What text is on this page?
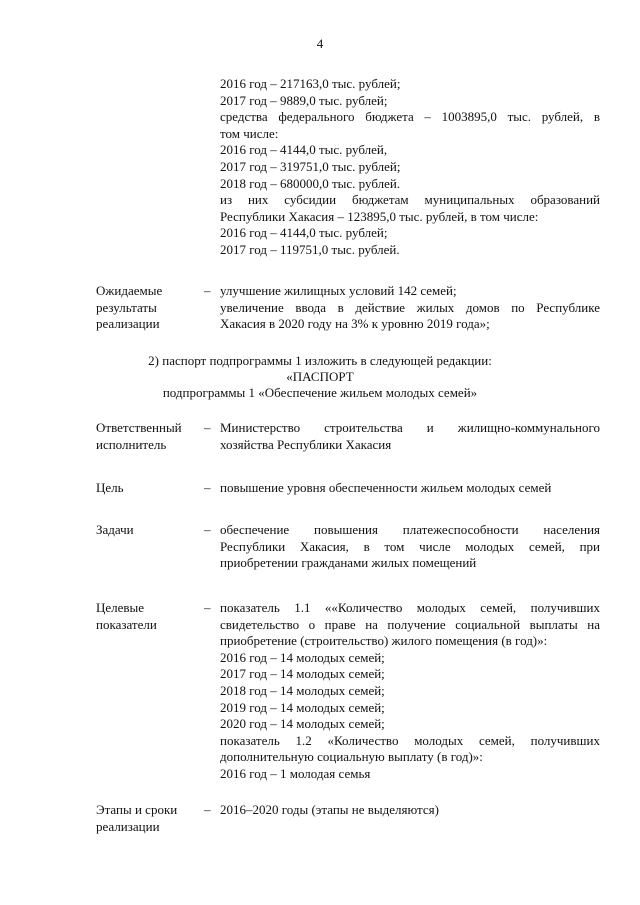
4
2016 год – 217163,0 тыс. рублей;
2017 год – 9889,0 тыс. рублей;
средства федерального бюджета – 1003895,0 тыс. рублей, в
том числе:
2016 год – 4144,0 тыс. рублей,
2017 год – 319751,0 тыс. рублей;
2018 год – 680000,0 тыс. рублей.
из них субсидии бюджетам муниципальных образований
Республики Хакасия – 123895,0 тыс. рублей, в том числе:
2016 год – 4144,0 тыс. рублей;
2017 год – 119751,0 тыс. рублей.
Ожидаемые
результаты
реализации
– улучшение жилищных условий 142 семей;
увеличение ввода в действие жилых домов по Республике
Хакасия в 2020 году на 3% к уровню 2019 года»;
2) паспорт подпрограммы 1 изложить в следующей редакции:
«ПАСПОРТ
подпрограммы 1 «Обеспечение жильем молодых семей»
Ответственный
исполнитель
– Министерство строительства и жилищно-коммунального
хозяйства Республики Хакасия
Цель	– повышение уровня обеспеченности жильем молодых семей
Задачи	– обеспечение повышения платежеспособности населения
Республики Хакасия, в том числе молодых семей, при
приобретении гражданами жилых помещений
Целевые
показатели
– показатель 1.1 ««Количество молодых семей, получивших
свидетельство о праве на получение социальной выплаты на
приобретение (строительство) жилого помещения (в год)»:
2016 год – 14 молодых семей;
2017 год – 14 молодых семей;
2018 год – 14 молодых семей;
2019 год – 14 молодых семей;
2020 год – 14 молодых семей;
показатель 1.2 «Количество молодых семей, получивших
дополнительную социальную выплату (в год)»:
2016 год – 1 молодая семья
Этапы и сроки
реализации
– 2016–2020 годы (этапы не выделяются)
